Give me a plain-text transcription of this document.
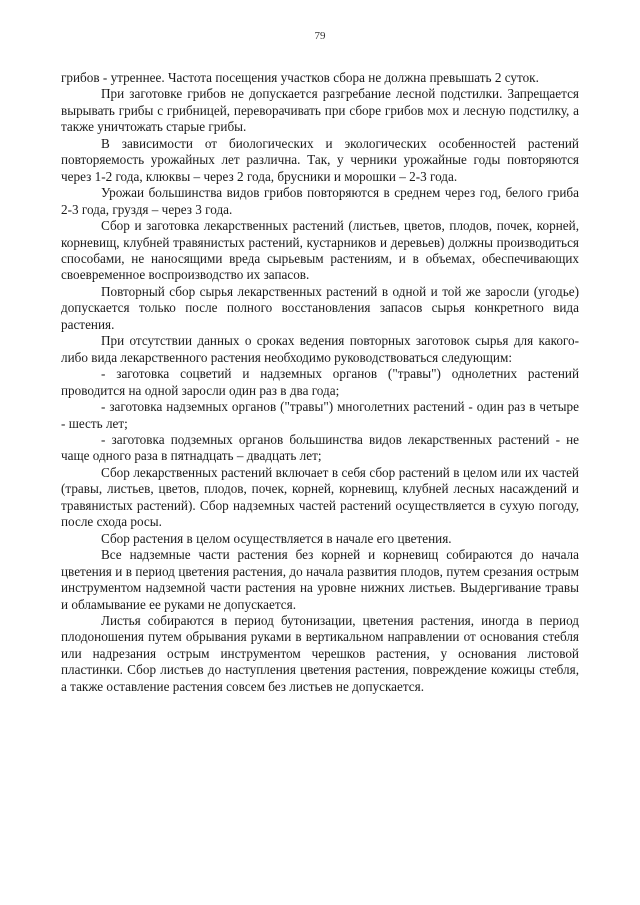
79

грибов - утреннее. Частота посещения участков сбора не должна превышать 2 суток.

При заготовке грибов не допускается разгребание лесной подстилки. Запрещается вырывать грибы с грибницей, переворачивать при сборе грибов мох и лесную подстилку, а также уничтожать старые грибы.

В зависимости от биологических и экологических особенностей растений повторяемость урожайных лет различна. Так, у черники урожайные годы повторяются через 1-2 года, клюквы – через 2 года, брусники и морошки – 2-3 года.

Урожаи большинства видов грибов повторяются в среднем через год, белого гриба 2-3 года, груздя – через 3 года.

Сбор и заготовка лекарственных растений (листьев, цветов, плодов, почек, корней, корневищ, клубней травянистых растений, кустарников и деревьев) должны производиться способами, не наносящими вреда сырьевым растениям, и в объемах, обеспечивающих своевременное воспроизводство их запасов.

Повторный сбор сырья лекарственных растений в одной и той же заросли (угодье) допускается только после полного восстановления запасов сырья конкретного вида растения.

При отсутствии данных о сроках ведения повторных заготовок сырья для какого-либо вида лекарственного растения необходимо руководствоваться следующим:

- заготовка соцветий и надземных органов ("травы") однолетних растений проводится на одной заросли один раз в два года;

- заготовка надземных органов ("травы") многолетних растений - один раз в четыре - шесть лет;

- заготовка подземных органов большинства видов лекарственных растений - не чаще одного раза в пятнадцать – двадцать лет;

Сбор лекарственных растений включает в себя сбор растений в целом или их частей (травы, листьев, цветов, плодов, почек, корней, корневищ, клубней лесных насаждений и травянистых растений). Сбор надземных частей растений осуществляется в сухую погоду, после схода росы.

Сбор растения в целом осуществляется в начале его цветения.

Все надземные части растения без корней и корневищ собираются до начала цветения и в период цветения растения, до начала развития плодов, путем срезания острым инструментом надземной части растения на уровне нижних листьев. Выдергивание травы и обламывание ее руками не допускается.

Листья собираются в период бутонизации, цветения растения, иногда в период плодоношения путем обрывания руками в вертикальном направлении от основания стебля или надрезания острым инструментом черешков растения, у основания листовой пластинки. Сбор листьев до наступления цветения растения, повреждение кожицы стебля, а также оставление растения совсем без листьев не допускается.
